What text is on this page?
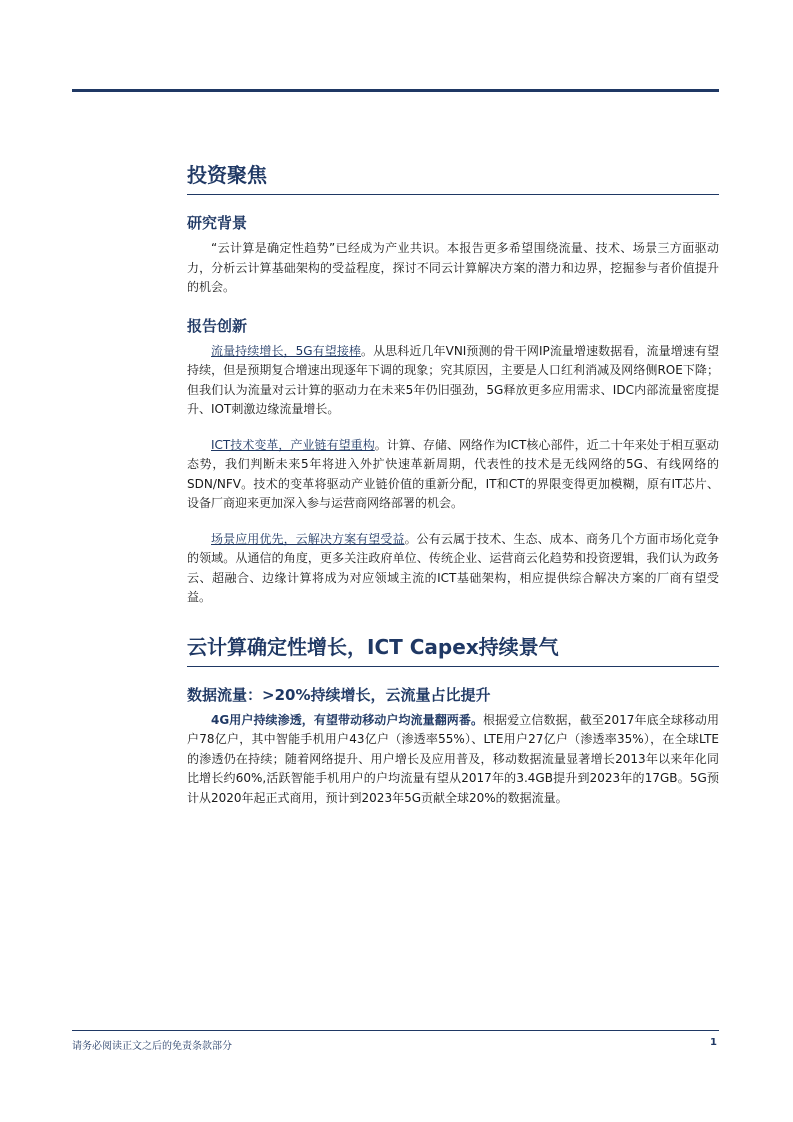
投资聚焦
研究背景

“云计算是确定性趋势”已经成为产业共识。本报告更多希望围绕流量、技术、场景三方面驱动力，分析云计算基础架构的受益程度，探讨不同云计算解决方案的潜力和边界，挖掘参与者价值提升的机会。

报告创新

流量持续增长，5G有望接棒。从思科近几年VNI预测的骨干网IP流量增速数据看，流量增速有望持续，但是预期复合增速出现逐年下调的现象；究其原因，主要是人口红利消减及网络侧ROE下降；但我们认为流量对云计算的驱动力在未来5年仍旧强劲，5G释放更多应用需求、IDC内部流量密度提升、IOT刺激边缘流量增长。

ICT技术变革，产业链有望重构。计算、存储、网络作为ICT核心部件，近二十年来处于相互驱动态势，我们判断未来5年将进入外扩快速革新周期，代表性的技术是无线网络的5G、有线网络的SDN/NFV。技术的变革将驱动产业链价值的重新分配，IT和CT的界限变得更加模糊，原有IT芯片、设备厂商迎来更加深入参与运营商网络部署的机会。

场景应用优先，云解决方案有望受益。公有云属于技术、生态、成本、商务几个方面市场化竞争的领域。从通信的角度，更多关注政府单位、传统企业、运营商云化趋势和投资逻辑，我们认为政务云、超融合、边缘计算将成为对应领域主流的ICT基础架构，相应提供综合解决方案的厂商有望受益。

云计算确定性增长，ICT Capex持续景气
数据流量：>20%持续增长，云流量占比提升

4G用户持续渗透，有望带动移动户均流量翻两番。根据爱立信数据，截至2017年底全球移动用户78亿户，其中智能手机用户43亿户（渗透率55%）、LTE用户27亿户（渗透率35%），在全球LTE的渗透仍在持续；随着网络提升、用户增长及应用普及，移动数据流量显著增长2013年以来年化同比增长约60%,活跃智能手机用户的户均流量有望从2017年的3.4GB提升到2023年的17GB。5G预计从2020年起正式商用，预计到2023年5G贡献全球20%的数据流量。

请务必阅读正文之后的免责条款部分	1
